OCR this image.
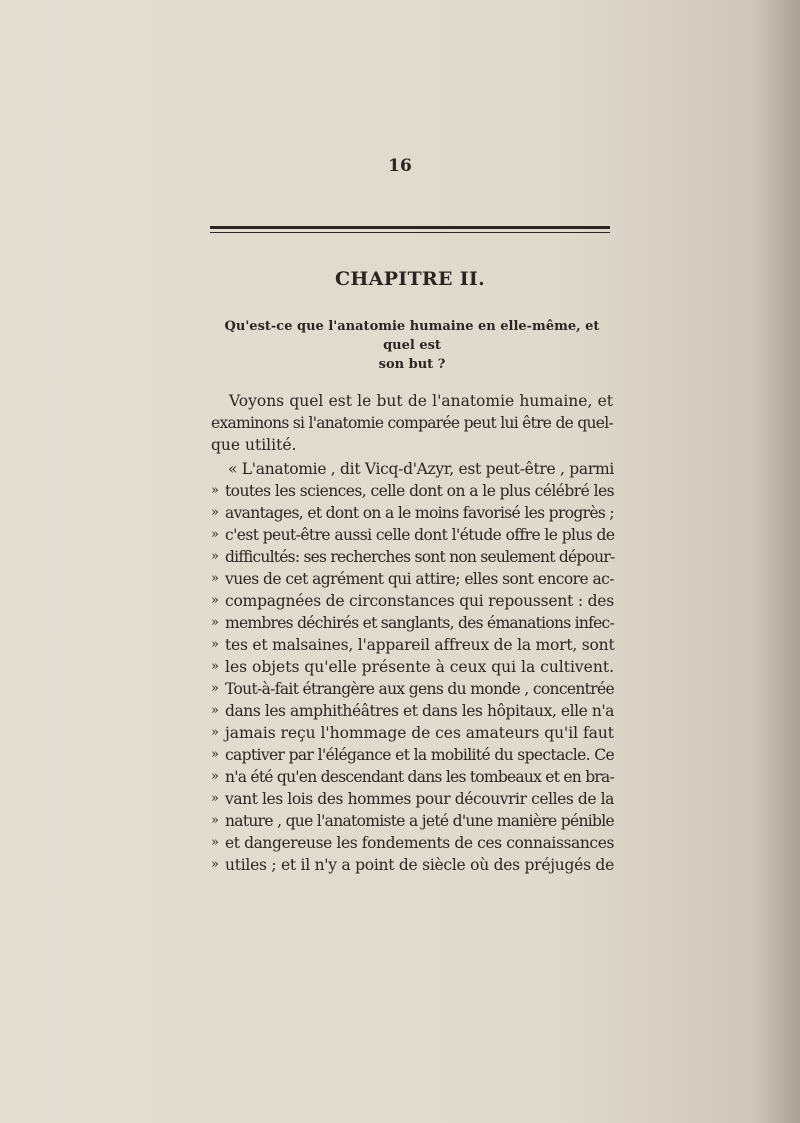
16
CHAPITRE II.
Qu'est-ce que l'anatomie humaine en elle-même, et quel est
son but ?
Voyons quel est le but de l'anatomie humaine, et
examinons si l'anatomie comparée peut lui être de quel-
que utilité.
« L'anatomie , dit Vicq-d'Azyr, est peut-être , parmi
» toutes les sciences, celle dont on a le plus célébré les
» avantages, et dont on a le moins favorisé les progrès ;
» c'est peut-être aussi celle dont l'étude offre le plus de
» difficultés: ses recherches sont non seulement dépour-
» vues de cet agrément qui attire; elles sont encore ac-
» compagnées de circonstances qui repoussent : des
» membres déchirés et sanglants, des émanations infec-
» tes et malsaines, l'appareil affreux de la mort, sont
» les objets qu'elle présente à ceux qui la cultivent.
» Tout-à-fait étrangère aux gens du monde , concentrée
» dans les amphithéâtres et dans les hôpitaux, elle n'a
» jamais reçu l'hommage de ces amateurs qu'il faut
» captiver par l'élégance et la mobilité du spectacle. Ce
» n'a été qu'en descendant dans les tombeaux et en bra-
» vant les lois des hommes pour découvrir celles de la
» nature , que l'anatomiste a jeté d'une manière pénible
» et dangereuse les fondements de ces connaissances
» utiles ; et il n'y a point de siècle où des préjugés de
